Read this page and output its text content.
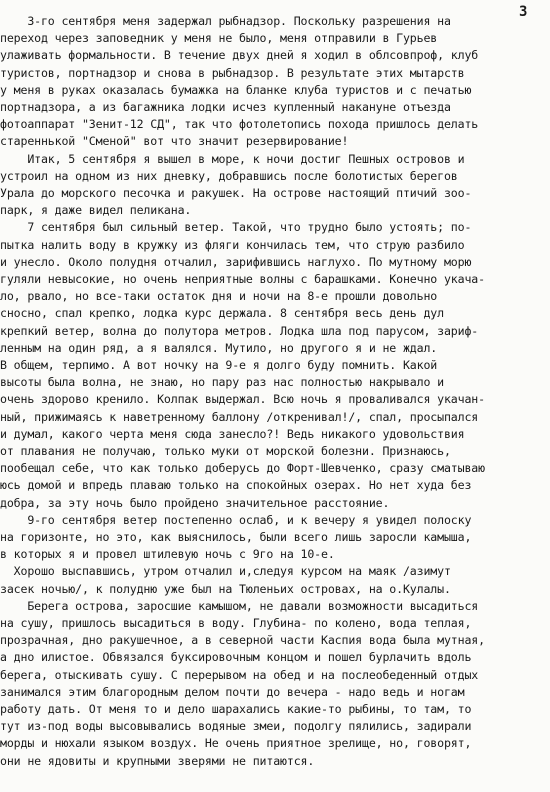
3
3-го сентября меня задержал рыбнадзор. Поскольку разрешения на
переход через заповедник у меня не было, меня отправили в Гурьев
улаживать формальности. В течение двух дней я ходил в облсовпроф, клуб
туристов, портнадзор и снова в рыбнадзор. В результате этих мытарств
у меня в руках оказалась бумажка на бланке клуба туристов и с печатью
портнадзора, а из багажника лодки исчез купленный накануне отъезда
фотоаппарат "Зенит-12 СД", так что фотолетопись похода пришлось делать
стареннькой "Сменой" вот что значит резервирование!
Итак, 5 сентября я вышел в море, к ночи достиг Пешных островов и
устроил на одном из них дневку, добравшись после болотистых берегов
Урала до морского песочка и ракушек. На острове настоящий птичий зоо-
парк, я даже видел пеликана.
7 сентября был сильный ветер. Такой, что трудно было устоять; по-
пытка налить воду в кружку из фляги кончилась тем, что струю разбило
и унесло. Около полудня отчалил, зарифившись наглухо. По мутному морю
гуляли невысокие, но очень неприятные волны с барашками. Конечно укача-
ло, рвало, но все-таки остаток дня и ночи на 8-е прошли довольно
сносно, спал крепко, лодка курс держала. 8 сентября весь день дул
крепкий ветер, волна до полутора метров. Лодка шла под парусом, зариф-
ленным на один ряд, а я валялся. Мутило, но другого я и не ждал.
В общем, терпимо. А вот ночку на 9-е я долго буду помнить. Какой
высоты была волна, не знаю, но пару раз нас полностью накрывало и
очень здорово кренило. Колпак выдержал. Всю ночь я проваливался укачан-
ный, прижимаясь к наветренному баллону /откренивал!/, спал, просыпался
и думал, какого черта меня сюда занесло?! Ведь никакого удовольствия
от плавания не получаю, только муки от морской болезни. Признаюсь,
пообещал себе, что как только доберусь до Форт-Шевченко, сразу сматываю
юсь домой и впредь плаваю только на спокойных озерах. Но нет худа без
добра, за эту ночь было пройдено значительное расстояние.
9-го сентября ветер постепенно ослаб, и к вечеру я увидел полоску
на горизонте, но это, как выяснилось, были всего лишь заросли камыша,
в которых я и провел штилевую ночь с 9го на 10-е.
Хорошо выспавшись, утром отчалил и,следуя курсом на маяк /азимут
засек ночью/, к полудню уже был на Тюленьих островах, на о.Кулалы.
Берега острова, заросшие камышом, не давали возможности высадиться
на сушу, пришлось высадиться в воду. Глубина- по колено, вода теплая,
прозрачная, дно ракушечное, а в северной части Каспия вода была мутная,
а дно илистое. Обвязался буксировочным концом и пошел бурлачить вдоль
берега, отыскивать сушу. С перерывом на обед и на послеобеденный отдых
занимался этим благородным делом почти до вечера - надо ведь и ногам
работу дать. От меня то и дело шарахались какие-то рыбины, то там, то
тут из-под воды высовывались водяные змеи, подолгу пялились, задирали
морды и нюхали языком воздух. Не очень приятное зрелище, но, говорят,
они не ядовиты и крупными зверями не питаются.
